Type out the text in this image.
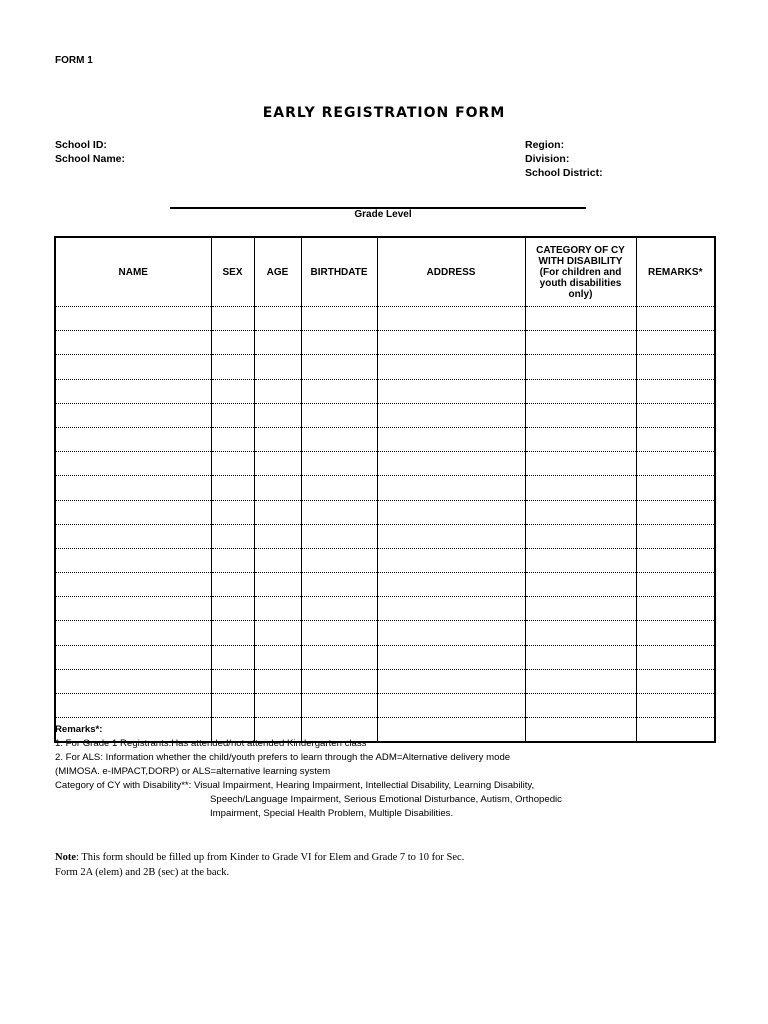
FORM 1
EARLY REGISTRATION FORM
School ID:
School Name:
Region:
Division:
School District:
Grade Level
NAME	SEX	AGE	BIRTHDATE	ADDRESS	CATEGORY OF CY WITH DISABILITY (For children and youth disabilities only)	REMARKS*

Remarks*:
1. For Grade 1 Registrants:Has attended/not attended Kindergarten class
2. For ALS: Information whether the child/youth prefers to learn through the ADM=Alternative delivery mode
(MIMOSA. e-IMPACT,DORP) or ALS=alternative learning system
Category of CY with Disability**: Visual Impairment, Hearing Impairment, Intellectial Disability, Learning Disability,
Speech/Language Impairment, Serious Emotional Disturbance, Autism, Orthopedic
Impairment, Special Health Problem, Multiple Disabilities.
Note: This form should be filled up from Kinder to Grade VI for Elem and Grade 7 to 10 for Sec.
Form 2A (elem) and 2B (sec) at the back.
